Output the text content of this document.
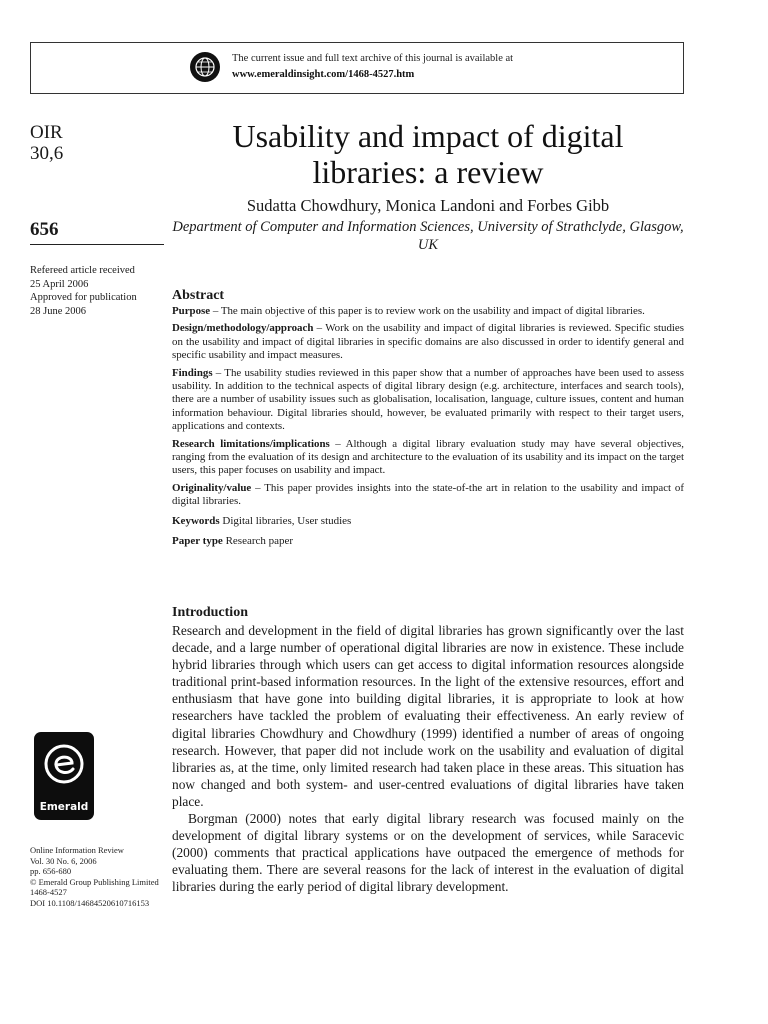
The current issue and full text archive of this journal is available at
www.emeraldinsight.com/1468-4527.htm
OIR
30,6
656
Refereed article received
25 April 2006
Approved for publication
28 June 2006
Emerald
Online Information Review
Vol. 30 No. 6, 2006
pp. 656-680
© Emerald Group Publishing Limited
1468-4527
DOI 10.1108/14684520610716153
Usability and impact of digital libraries: a review
Sudatta Chowdhury, Monica Landoni and Forbes Gibb
Department of Computer and Information Sciences, University of Strathclyde, Glasgow, UK
Abstract

Purpose – The main objective of this paper is to review work on the usability and impact of digital libraries.

Design/methodology/approach – Work on the usability and impact of digital libraries is reviewed. Specific studies on the usability and impact of digital libraries in specific domains are also discussed in order to identify general and specific usability and impact measures.

Findings – The usability studies reviewed in this paper show that a number of approaches have been used to assess usability. In addition to the technical aspects of digital library design (e.g. architecture, interfaces and search tools), there are a number of usability issues such as globalisation, localisation, language, culture issues, content and human information behaviour. Digital libraries should, however, be evaluated primarily with respect to their target users, applications and contexts.

Research limitations/implications – Although a digital library evaluation study may have several objectives, ranging from the evaluation of its design and architecture to the evaluation of its usability and its impact on the target users, this paper focuses on usability and impact.

Originality/value – This paper provides insights into the state-of-the art in relation to the usability and impact of digital libraries.

Keywords Digital libraries, User studies
Paper type Research paper
Introduction

Research and development in the field of digital libraries has grown significantly over the last decade, and a large number of operational digital libraries are now in existence. These include hybrid libraries through which users can get access to digital information resources alongside traditional print-based information resources. In the light of the extensive resources, effort and enthusiasm that have gone into building digital libraries, it is appropriate to look at how researchers have tackled the problem of evaluating their effectiveness. An early review of digital libraries Chowdhury and Chowdhury (1999) identified a number of areas of ongoing research. However, that paper did not include work on the usability and evaluation of digital libraries as, at the time, only limited research had taken place in these areas. This situation has now changed and both system- and user-centred evaluations of digital libraries have taken place.

Borgman (2000) notes that early digital library research was focused mainly on the development of digital library systems or on the development of services, while Saracevic (2000) comments that practical applications have outpaced the emergence of methods for evaluating them. There are several reasons for the lack of interest in the evaluation of digital libraries during the early period of digital library development.
